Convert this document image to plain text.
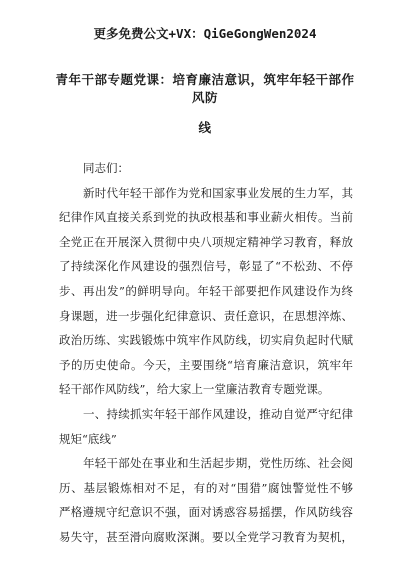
更多免费公文+VX：QiGeGongWen2024
青年干部专题党课：培育廉洁意识，筑牢年轻干部作风防
线
同志们：
新时代年轻干部作为党和国家事业发展的生力军，其
纪律作风直接关系到党的执政根基和事业薪火相传。当前
全党正在开展深入贯彻中央八项规定精神学习教育，释放
了持续深化作风建设的强烈信号，彰显了“不松劲、不停
步、再出发”的鲜明导向。年轻干部要把作风建设作为终
身课题，进一步强化纪律意识、责任意识，在思想淬炼、
政治历练、实践锻炼中筑牢作风防线，切实肩负起时代赋
予的历史使命。今天，主要围绕“培育廉洁意识，筑牢年
轻干部作风防线”，给大家上一堂廉洁教育专题党课。
一、持续抓实年轻干部作风建设，推动自觉严守纪律
规矩“底线”
年轻干部处在事业和生活起步期，党性历练、社会阅
历、基层锻炼相对不足，有的对“围猎”腐蚀警觉性不够
严格遵规守纪意识不强，面对诱惑容易摇摆，作风防线容
易失守，甚至滑向腐败深渊。要以全党学习教育为契机，
